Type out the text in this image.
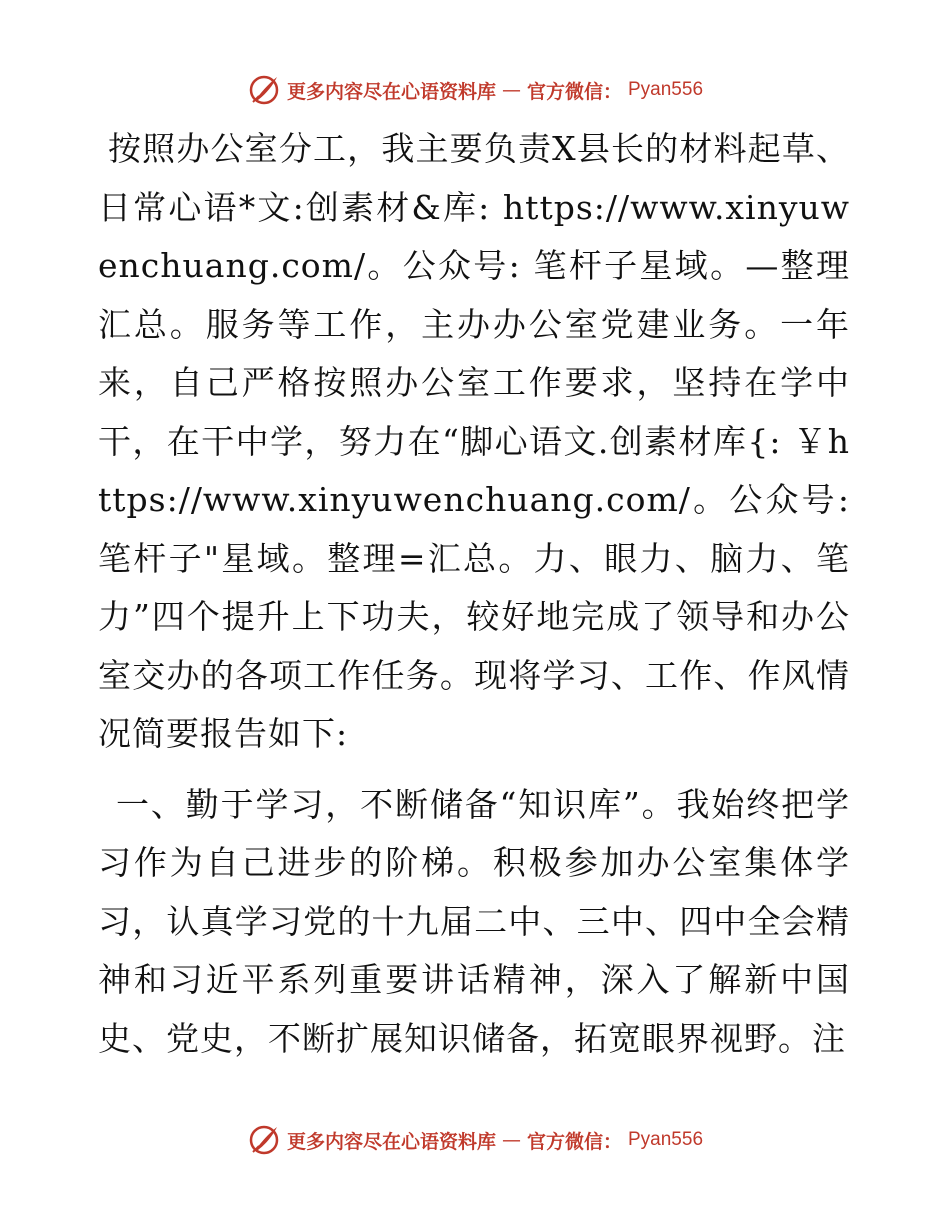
更多内容尽在心语资料库 — 官方微信： Pyan556

按照办公室分工，我主要负责X县长的材料起草、日常心语*文:创素材&库: https://www.xinyuwenchuang.com/。公众号: 笔杆子星域。—整理汇总。服务等工作，主办办公室党建业务。一年来，自己严格按照办公室工作要求，坚持在学中干，在干中学，努力在“脚心语文.创素材库{: ￥https://www.xinyuwenchuang.com/。公众号: 笔杆子"星域。整理=汇总。力、眼力、脑力、笔力”四个提升上下功夫，较好地完成了领导和办公室交办的各项工作任务。现将学习、工作、作风情况简要报告如下:

一、勤于学习，不断储备“知识库”。我始终把学习作为自己进步的阶梯。积极参加办公室集体学习，认真学习党的十九届二中、三中、四中全会精神和习近平系列重要讲话精神，深入了解新中国史、党史，不断扩展知识储备，拓宽眼界视野。注

更多内容尽在心语资料库 — 官方微信： Pyan556
